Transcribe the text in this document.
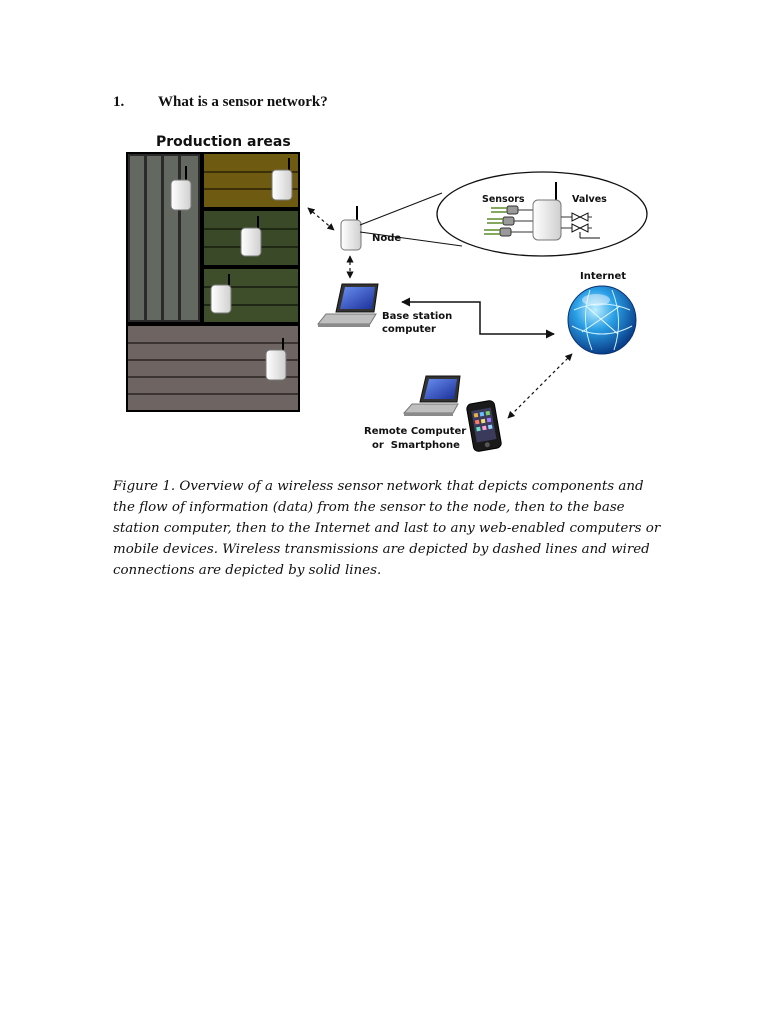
1. What is a sensor network?
Production areas
Node
Sensors	Valves
Base station
computer
Internet
Remote Computer
or  Smartphone
Figure 1. Overview of a wireless sensor network that depicts components and the flow of information (data) from the sensor to the node, then to the base station computer, then to the Internet and last to any web-enabled computers or mobile devices. Wireless transmissions are depicted by dashed lines and wired connections are depicted by solid lines.
